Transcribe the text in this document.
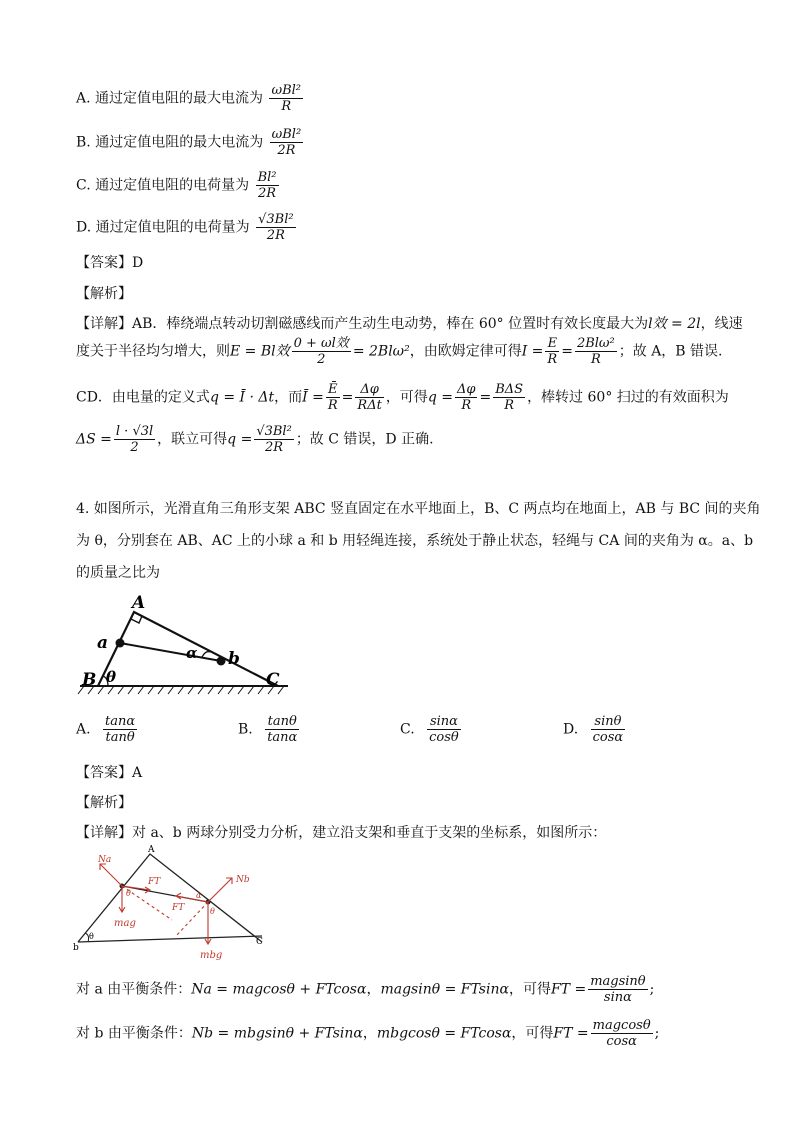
A. 通过定值电阻的最大电流为 $\frac{\text{ωBl²}}{R}$
B. 通过定值电阻的最大电流为 $\frac{\text{ωBl²}}{2R}$
C. 通过定值电阻的电荷量为 $\frac{\text{Bl²}}{2R}$
D. 通过定值电阻的电荷量为 $\frac{\text{√3Bl²}}{2R}$
【答案】D
【解析】
【详解】AB．棒绕端点转动切割磁感线而产生动生电动势，棒在 60° 位置时有效长度最大为l效 = 2l，线速
度关于半径均匀增大，则E = Bl效 $\frac{\text{0 + ωl效}}{2} = 2Bl\omega^2$，由欧姆定律可得$I = \frac{E}{R} = \frac{\text{2Blω²}}{R}$ ；故 A，B 错误.
CD．由电量的定义式q = Ī · Δt，而Ī = $\frac{Ē}{R} = \frac{\Delta\varphi}{\text{RΔt}}$ ，可得$q = \frac{\Delta\varphi}{R} = \frac{\text{BΔS}}{R}$ ，棒转过 60° 扫过的有效面积为
$\Delta S = \frac{l \cdot √3l}{2}$ ，联立可得$q = \frac{\text{√3Bl²}}{2R}$ ；故 C 错误，D 正确.
4. 如图所示，光滑直角三角形支架 ABC 竖直固定在水平地面上，B、C 两点均在地面上，AB 与 BC 间的夹角
为 θ，分别套在 AB、AC 上的小球 a 和 b 用轻绳连接，系统处于静止状态，轻绳与 CA 间的夹角为 α。a、b
的质量之比为
A
a
b
B θ
α
C
A. $\frac{\tan\alpha}{\tan\theta}$	B. $\frac{\tan\theta}{\tan\alpha}$	C. $\frac{\sin\alpha}{\cos\theta}$	D. $\frac{\sin\theta}{\cos\alpha}$
【答案】A
【解析】
【详解】对 a、b 两球分别受力分析，建立沿支架和垂直于支架的坐标系，如图所示：
A
b
C
θ
Na
Nb
FT
FT
mag
mbg
θ
θ
α
对 a 由平衡条件：Na = magcosθ + FTcosα，magsinθ = FTsinα，可得FT = $\frac{\text{magsinθ}}{\sin\alpha}$ ;
对 b 由平衡条件：Nb = mbgsinθ + FTsinα，mbgcosθ = FTcosα，可得FT = $\frac{\text{magcosθ}}{\cos\alpha}$ ;
